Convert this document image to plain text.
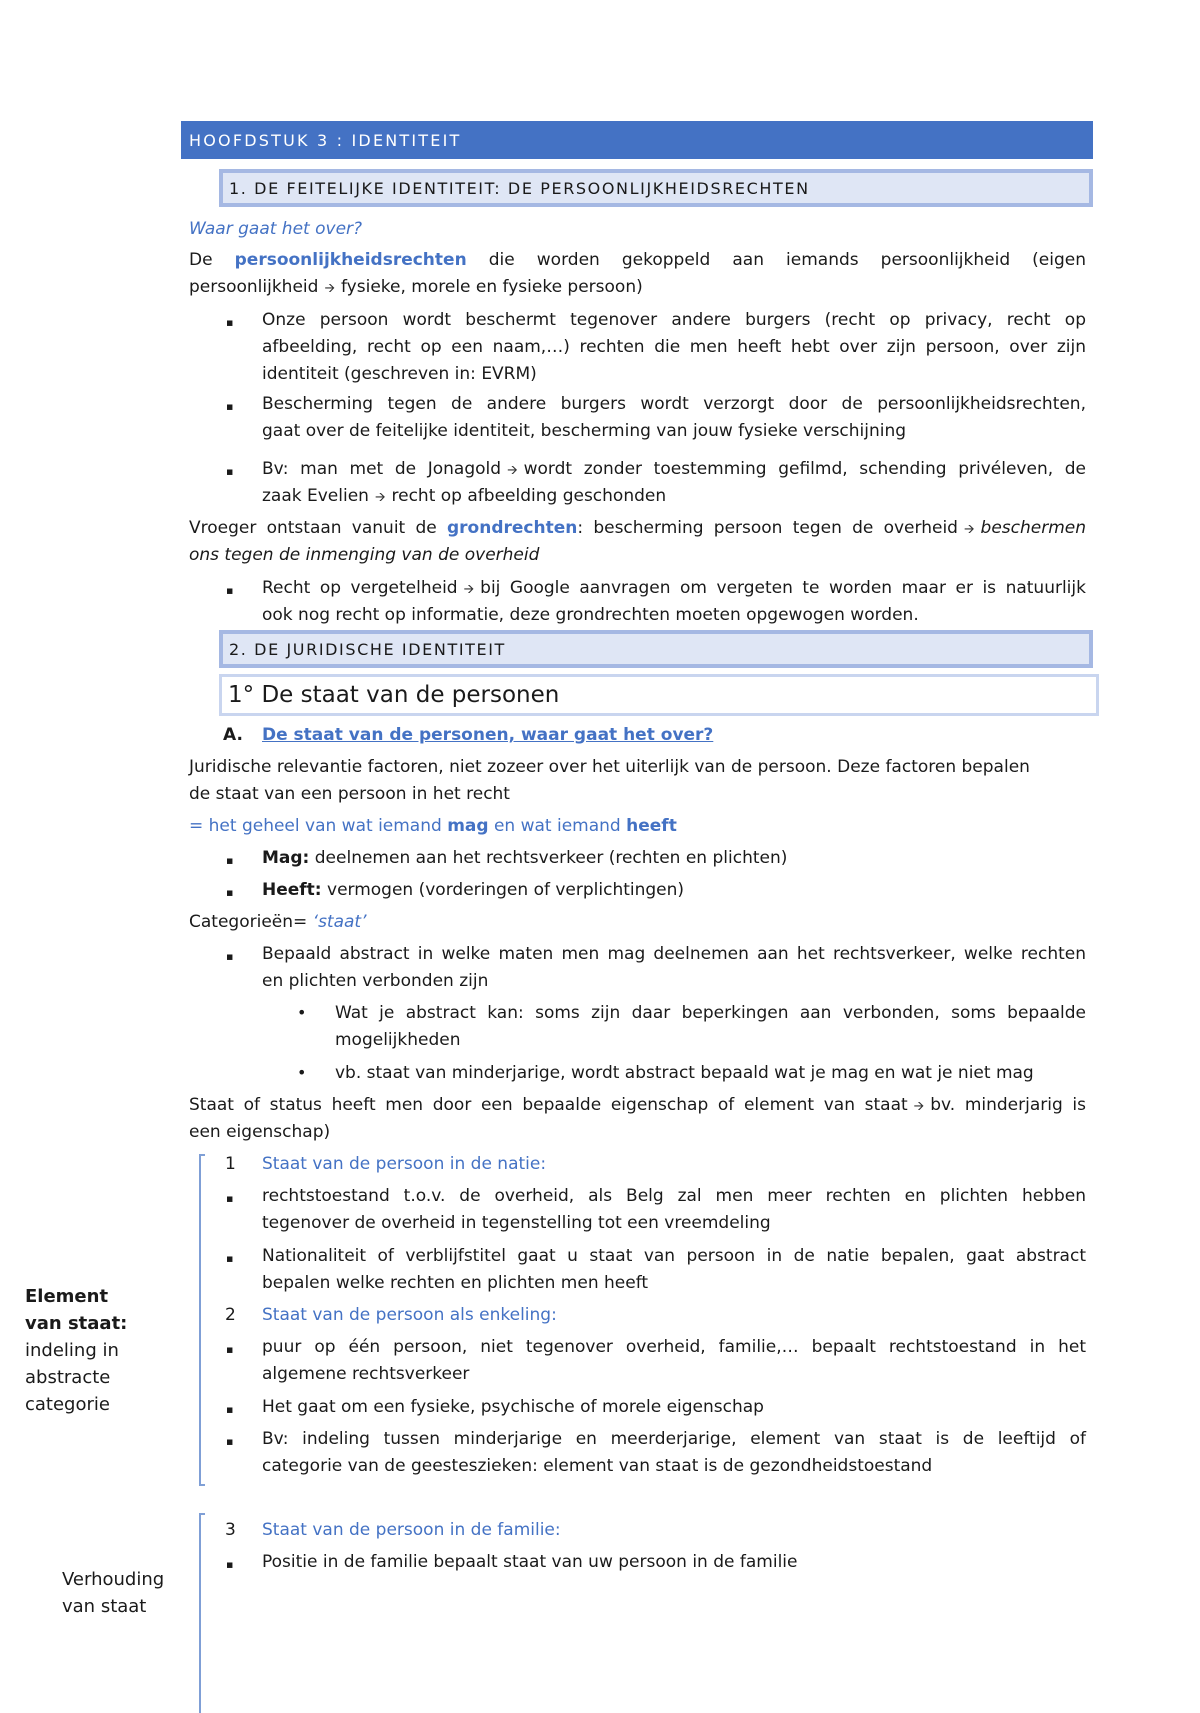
HOOFDSTUK 3 : IDENTITEIT
1. DE FEITELIJKE IDENTITEIT: DE PERSOONLIJKHEIDSRECHTEN
Waar gaat het over?
De persoonlijkheidsrechten die worden gekoppeld aan iemands persoonlijkheid (eigen
persoonlijkheid 🡪 fysieke, morele en fysieke persoon)
▪ Onze persoon wordt beschermt tegenover andere burgers (recht op privacy, recht op
afbeelding, recht op een naam,…) rechten die men heeft hebt over zijn persoon, over zijn
identiteit (geschreven in: EVRM)
▪ Bescherming tegen de andere burgers wordt verzorgt door de persoonlijkheidsrechten,
gaat over de feitelijke identiteit, bescherming van jouw fysieke verschijning
▪ Bv: man met de Jonagold 🡪 wordt zonder toestemming gefilmd, schending privéleven, de
zaak Evelien 🡪 recht op afbeelding geschonden
Vroeger ontstaan vanuit de grondrechten: bescherming persoon tegen de overheid 🡪 beschermen
ons tegen de inmenging van de overheid
▪ Recht op vergetelheid 🡪 bij Google aanvragen om vergeten te worden maar er is natuurlijk
ook nog recht op informatie, deze grondrechten moeten opgewogen worden.
2. DE JURIDISCHE IDENTITEIT
1° De staat van de personen
A. De staat van de personen, waar gaat het over?
Juridische relevantie factoren, niet zozeer over het uiterlijk van de persoon. Deze factoren bepalen
de staat van een persoon in het recht
= het geheel van wat iemand mag en wat iemand heeft
▪ Mag: deelnemen aan het rechtsverkeer (rechten en plichten)
▪ Heeft: vermogen (vorderingen of verplichtingen)
Categorieën= ‘staat’
▪ Bepaald abstract in welke maten men mag deelnemen aan het rechtsverkeer, welke rechten
en plichten verbonden zijn
• Wat je abstract kan: soms zijn daar beperkingen aan verbonden, soms bepaalde
mogelijkheden
• vb. staat van minderjarige, wordt abstract bepaald wat je mag en wat je niet mag
Staat of status heeft men door een bepaalde eigenschap of element van staat 🡪 bv. minderjarig is
een eigenschap)
1 Staat van de persoon in de natie:
▪ rechtstoestand t.o.v. de overheid, als Belg zal men meer rechten en plichten hebben
tegenover de overheid in tegenstelling tot een vreemdeling
▪ Nationaliteit of verblijfstitel gaat u staat van persoon in de natie bepalen, gaat abstract
bepalen welke rechten en plichten men heeft
2 Staat van de persoon als enkeling:
▪ puur op één persoon, niet tegenover overheid, familie,… bepaalt rechtstoestand in het
algemene rechtsverkeer
▪ Het gaat om een fysieke, psychische of morele eigenschap
▪ Bv: indeling tussen minderjarige en meerderjarige, element van staat is de leeftijd of
categorie van de geesteszieken: element van staat is de gezondheidstoestand
Element
van staat:
indeling in
abstracte
categorie
3 Staat van de persoon in de familie:
▪ Positie in de familie bepaalt staat van uw persoon in de familie
Verhouding
van staat
